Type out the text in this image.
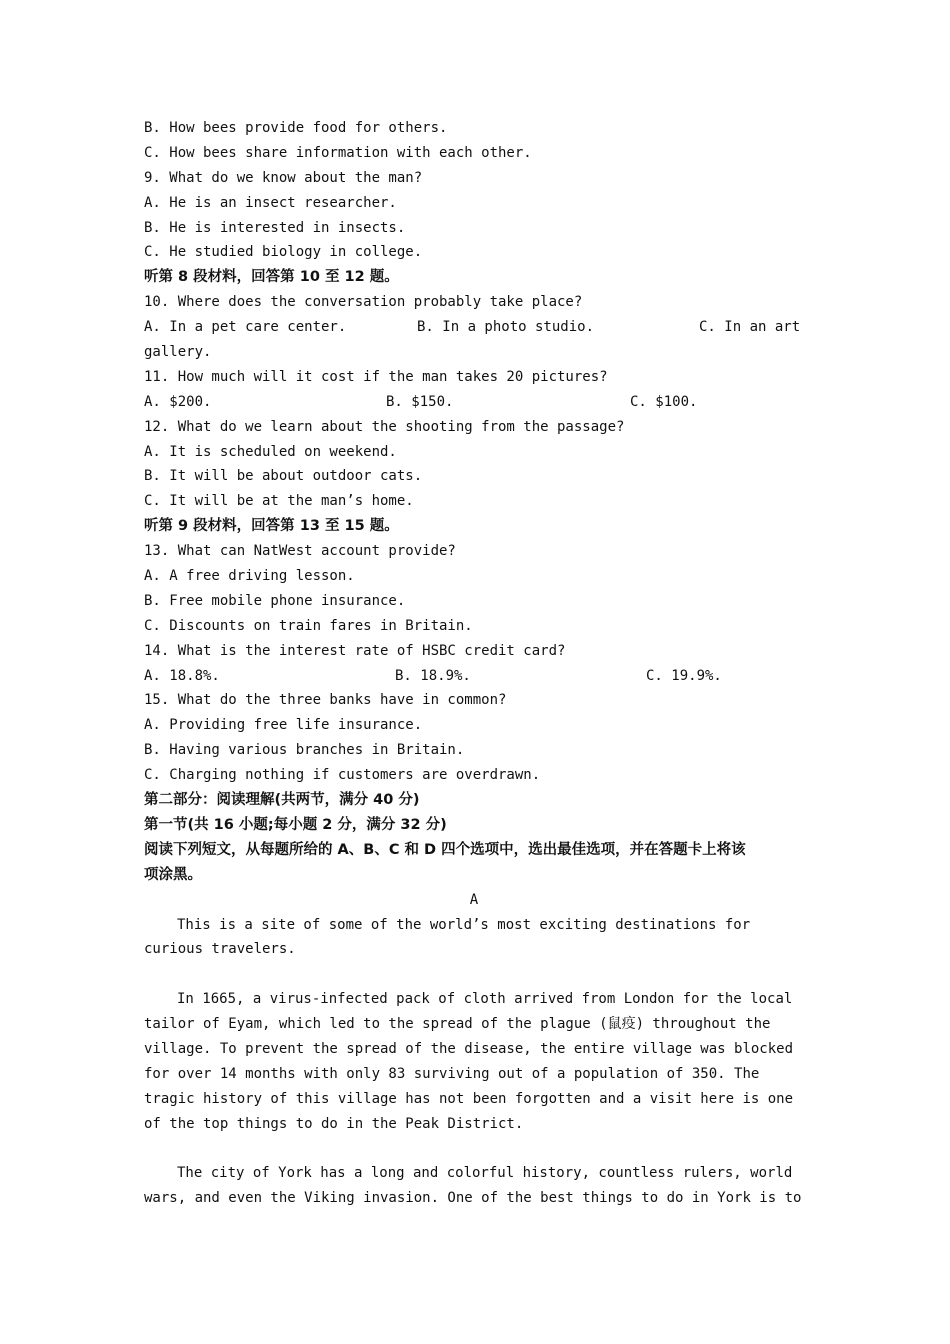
B. How bees provide food for others.
C. How bees share information with each other.
9. What do we know about the man?
A. He is an insect researcher.
B. He is interested in insects.
C. He studied biology in college.
听第 8 段材料，回答第 10 至 12 题。
10. Where does the conversation probably take place?
A. In a pet care center.	B. In a photo studio.	C. In an art
gallery.
11. How much will it cost if the man takes 20 pictures?
A. $200.	B. $150.	C. $100.
12. What do we learn about the shooting from the passage?
A. It is scheduled on weekend.
B. It will be about outdoor cats.
C. It will be at the man’s home.
听第 9 段材料，回答第 13 至 15 题。
13. What can NatWest account provide?
A. A free driving lesson.
B. Free mobile phone insurance.
C. Discounts on train fares in Britain.
14. What is the interest rate of HSBC credit card?
A. 18.8%.	B. 18.9%.	C. 19.9%.
15. What do the three banks have in common?
A. Providing free life insurance.
B. Having various branches in Britain.
C. Charging nothing if customers are overdrawn.
第二部分：阅读理解(共两节，满分 40 分)
第一节(共 16 小题;每小题 2 分，满分 32 分)
阅读下列短文，从每题所给的 A、B、C 和 D 四个选项中，选出最佳选项，并在答题卡上将该
项涂黑。
A
This is a site of some of the world’s most exciting destinations for
curious travelers.

In 1665, a virus-infected pack of cloth arrived from London for the local
tailor of Eyam, which led to the spread of the plague (鼠疫) throughout the
village. To prevent the spread of the disease, the entire village was blocked
for over 14 months with only 83 surviving out of a population of 350. The
tragic history of this village has not been forgotten and a visit here is one
of the top things to do in the Peak District.

The city of York has a long and colorful history, countless rulers, world
wars, and even the Viking invasion. One of the best things to do in York is to
